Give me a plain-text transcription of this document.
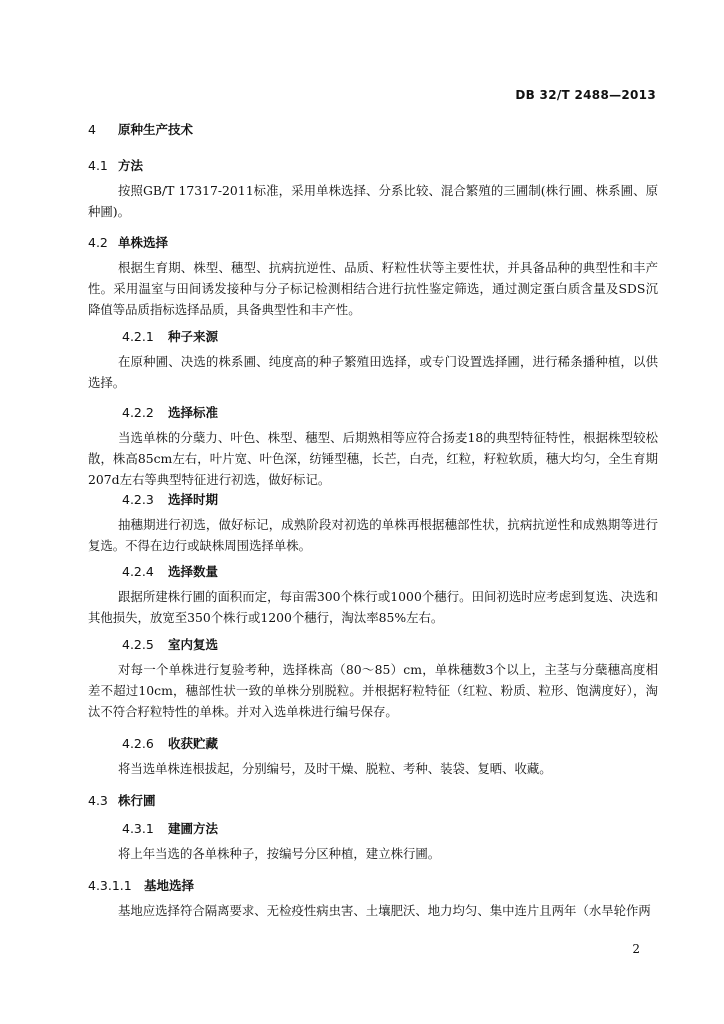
DB 32/T 2488—2013
4 原种生产技术
4.1 方法
按照GB/T 17317-2011标准，采用单株选择、分系比较、混合繁殖的三圃制(株行圃、株系圃、原种圃)。
4.2 单株选择
根据生育期、株型、穗型、抗病抗逆性、品质、籽粒性状等主要性状，并具备品种的典型性和丰产性。采用温室与田间诱发接种与分子标记检测相结合进行抗性鉴定筛选，通过测定蛋白质含量及SDS沉降值等品质指标选择品质，具备典型性和丰产性。
4.2.1 种子来源
在原种圃、决选的株系圃、纯度高的种子繁殖田选择，或专门设置选择圃，进行稀条播种植，以供选择。
4.2.2 选择标准
当选单株的分蘖力、叶色、株型、穗型、后期熟相等应符合扬麦18的典型特征特性，根据株型较松散，株高85cm左右，叶片宽、叶色深，纺锤型穗，长芒，白壳，红粒，籽粒软质，穗大均匀，全生育期207d左右等典型特征进行初选，做好标记。
4.2.3 选择时期
抽穗期进行初选，做好标记，成熟阶段对初选的单株再根据穗部性状，抗病抗逆性和成熟期等进行复选。不得在边行或缺株周围选择单株。
4.2.4 选择数量
跟据所建株行圃的面积而定，每亩需300个株行或1000个穗行。田间初选时应考虑到复选、决选和其他损失，放宽至350个株行或1200个穗行，淘汰率85%左右。
4.2.5 室内复选
对每一个单株进行复验考种，选择株高（80～85）cm，单株穗数3个以上，主茎与分蘖穗高度相差不超过10cm，穗部性状一致的单株分别脱粒。并根据籽粒特征（红粒、粉质、粒形、饱满度好），淘汰不符合籽粒特性的单株。并对入选单株进行编号保存。
4.2.6 收获贮藏
将当选单株连根拔起，分别编号，及时干燥、脱粒、考种、装袋、复晒、收藏。
4.3 株行圃
4.3.1 建圃方法
将上年当选的各单株种子，按编号分区种植，建立株行圃。
4.3.1.1 基地选择
基地应选择符合隔离要求、无检疫性病虫害、土壤肥沃、地力均匀、集中连片且两年（水旱轮作两
2
